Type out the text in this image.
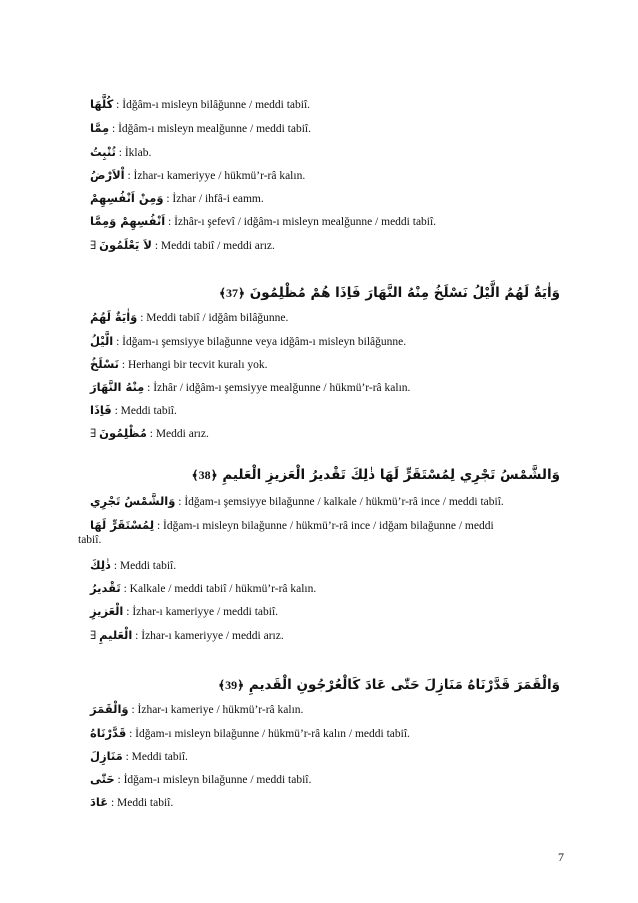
كُلَّهَا : İdğâm-ı misleyn bilâğunne / meddi tabiî.
مِمَّا : İdğâm-ı misleyn mealğunne / meddi tabiî.
تُنْبِتُ : İklab.
اْلاَرْضُ : İzhar-ı kameriyye / hükmü’r-râ kalın.
وَمِنْ اَنْفُسِهِمْ : İzhar / ihfâ-i eamm.
اَنْفُسِهِمْ وَمِمَّا : İzhâr-ı şefevî / idğâm-ı misleyn mealğunne / meddi tabiî.
∃ لاَ يَعْلَمُونَ : Meddi tabiî / meddi arız.
وَاٰيَةٌ لَهُمُ الَّيْلُ نَسْلَخُ مِنْهُ النَّهَارَ فَاِذَا هُمْ مُظْلِمُونَ ﴿37﴾
وَاٰيَةٌ لَهُمُ : Meddi tabiî / idğâm bilâğunne.
الَّيْلُ : İdğam-ı şemsiyye bilağunne veya idğâm-ı misleyn bilâğunne.
نَسْلَخُ : Herhangi bir tecvit kuralı yok.
مِنْهُ النَّهَارَ : İzhâr / idğâm-ı şemsiyye mealğunne / hükmü’r-râ kalın.
فَاِذَا : Meddi tabiî.
∃ مُظْلِمُونَ : Meddi arız.
وَالشَّمْسُ تَجْرِي لِمُسْتَقَرٍّ لَهَا ذٰلِكَ تَقْديرُ الْعَزيزِ الْعَليمِ ﴿38﴾
وَالشَّمْسُ تَجْرِي : İdğam-ı şemsiyye bilağunne / kalkale / hükmü’r-râ ince / meddi tabiî.
لِمُسْتَقَرٍّ لَهَا : İdğam-ı misleyn bilağunne / hükmü’r-râ ince / idğam bilağunne / meddi
tabiî.
ذٰلِكَ : Meddi tabiî.
تَقْديرُ : Kalkale / meddi tabiî / hükmü’r-râ kalın.
الْعَزيزِ : İzhar-ı kameriyye / meddi tabiî.
∃ الْعَليمِ : İzhar-ı kameriyye / meddi arız.
وَالْقَمَرَ قَدَّرْنَاهُ مَنَازِلَ حَتّٰى عَادَ كَالْعُرْجُونِ الْقَديمِ ﴿39﴾
وَالْقَمَرَ : İzhar-ı kameriye / hükmü’r-râ kalın.
قَدَّرْنَاهُ : İdğam-ı misleyn bilağunne / hükmü’r-râ kalın / meddi tabiî.
مَنَازِلَ : Meddi tabiî.
حَتّٰى : İdğam-ı misleyn bilağunne / meddi tabiî.
عَادَ : Meddi tabiî.
7
